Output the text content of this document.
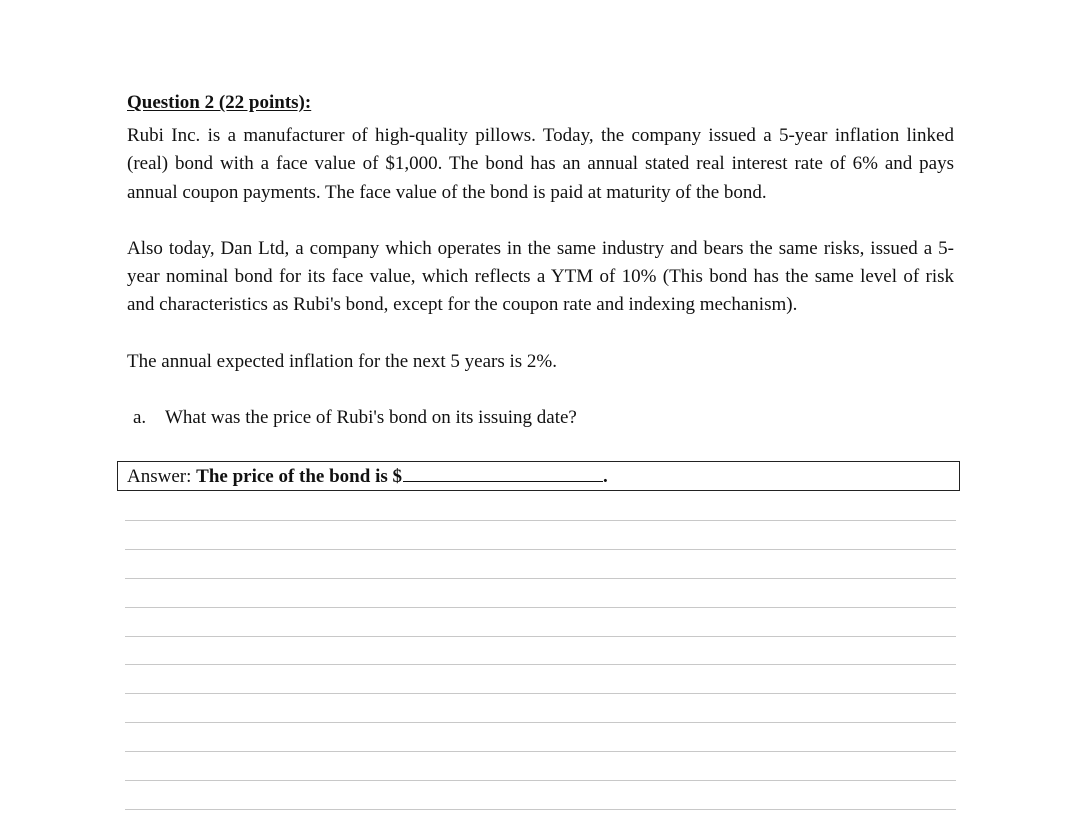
Question 2 (22 points):

Rubi Inc. is a manufacturer of high-quality pillows. Today, the company issued a 5-year inflation linked (real) bond with a face value of $1,000. The bond has an annual stated real interest rate of 6% and pays annual coupon payments. The face value of the bond is paid at maturity of the bond.

Also today, Dan Ltd, a company which operates in the same industry and bears the same risks, issued a 5-year nominal bond for its face value, which reflects a YTM of 10% (This bond has the same level of risk and characteristics as Rubi's bond, except for the coupon rate and indexing mechanism).

The annual expected inflation for the next 5 years is 2%.

a. What was the price of Rubi's bond on its issuing date?
Answer: The price of the bond is $	.
